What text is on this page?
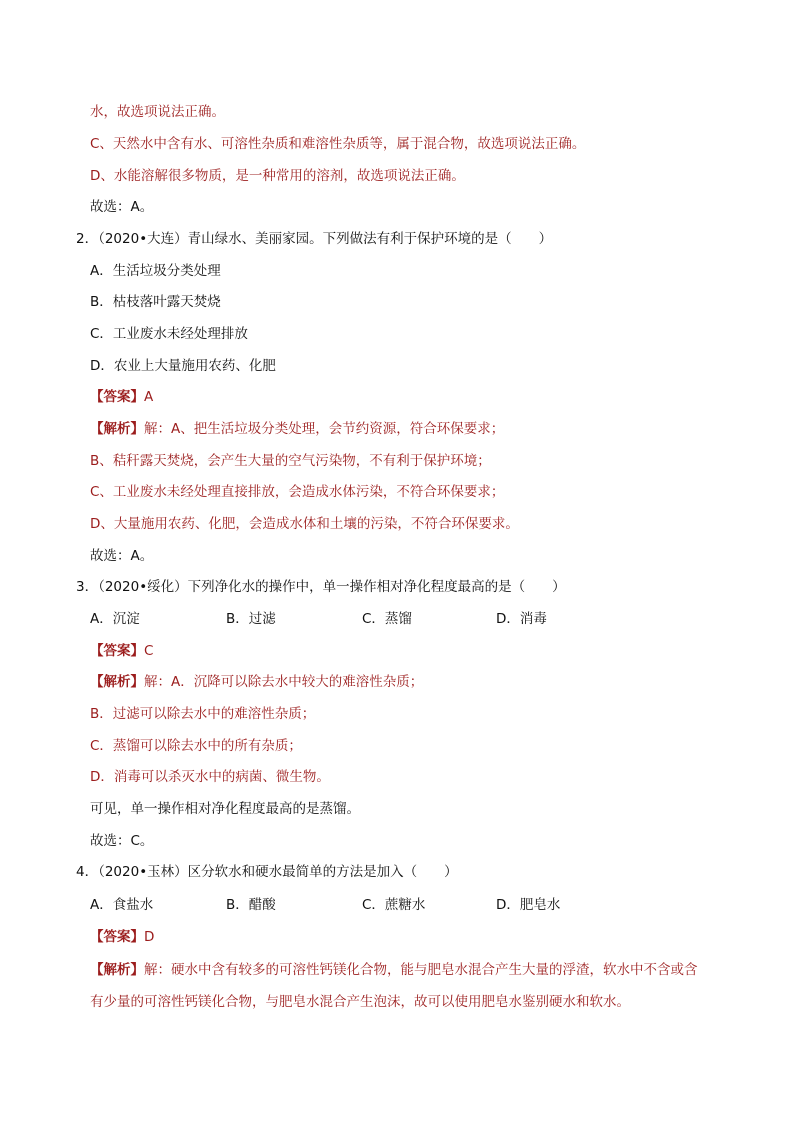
水，故选项说法正确。
C、天然水中含有水、可溶性杂质和难溶性杂质等，属于混合物，故选项说法正确。
D、水能溶解很多物质，是一种常用的溶剂，故选项说法正确。
故选：A。
2．（2020•大连）青山绿水、美丽家园。下列做法有利于保护环境的是（　　）
A．生活垃圾分类处理
B．枯枝落叶露天焚烧
C．工业废水未经处理排放
D．农业上大量施用农药、化肥
【答案】A
【解析】解：A、把生活垃圾分类处理，会节约资源，符合环保要求；
B、秸秆露天焚烧，会产生大量的空气污染物，不有利于保护环境；
C、工业废水未经处理直接排放，会造成水体污染，不符合环保要求；
D、大量施用农药、化肥，会造成水体和土壤的污染，不符合环保要求。
故选：A。
3．（2020•绥化）下列净化水的操作中，单一操作相对净化程度最高的是（　　）
A．沉淀	B．过滤	C．蒸馏	D．消毒
【答案】C
【解析】解：A．沉降可以除去水中较大的难溶性杂质；
B．过滤可以除去水中的难溶性杂质；
C．蒸馏可以除去水中的所有杂质；
D．消毒可以杀灭水中的病菌、微生物。
可见，单一操作相对净化程度最高的是蒸馏。
故选：C。
4．（2020•玉林）区分软水和硬水最简单的方法是加入（　　）
A．食盐水	B．醋酸	C．蔗糖水	D．肥皂水
【答案】D
【解析】解：硬水中含有较多的可溶性钙镁化合物，能与肥皂水混合产生大量的浮渣，软水中不含或含
有少量的可溶性钙镁化合物，与肥皂水混合产生泡沫，故可以使用肥皂水鉴别硬水和软水。
